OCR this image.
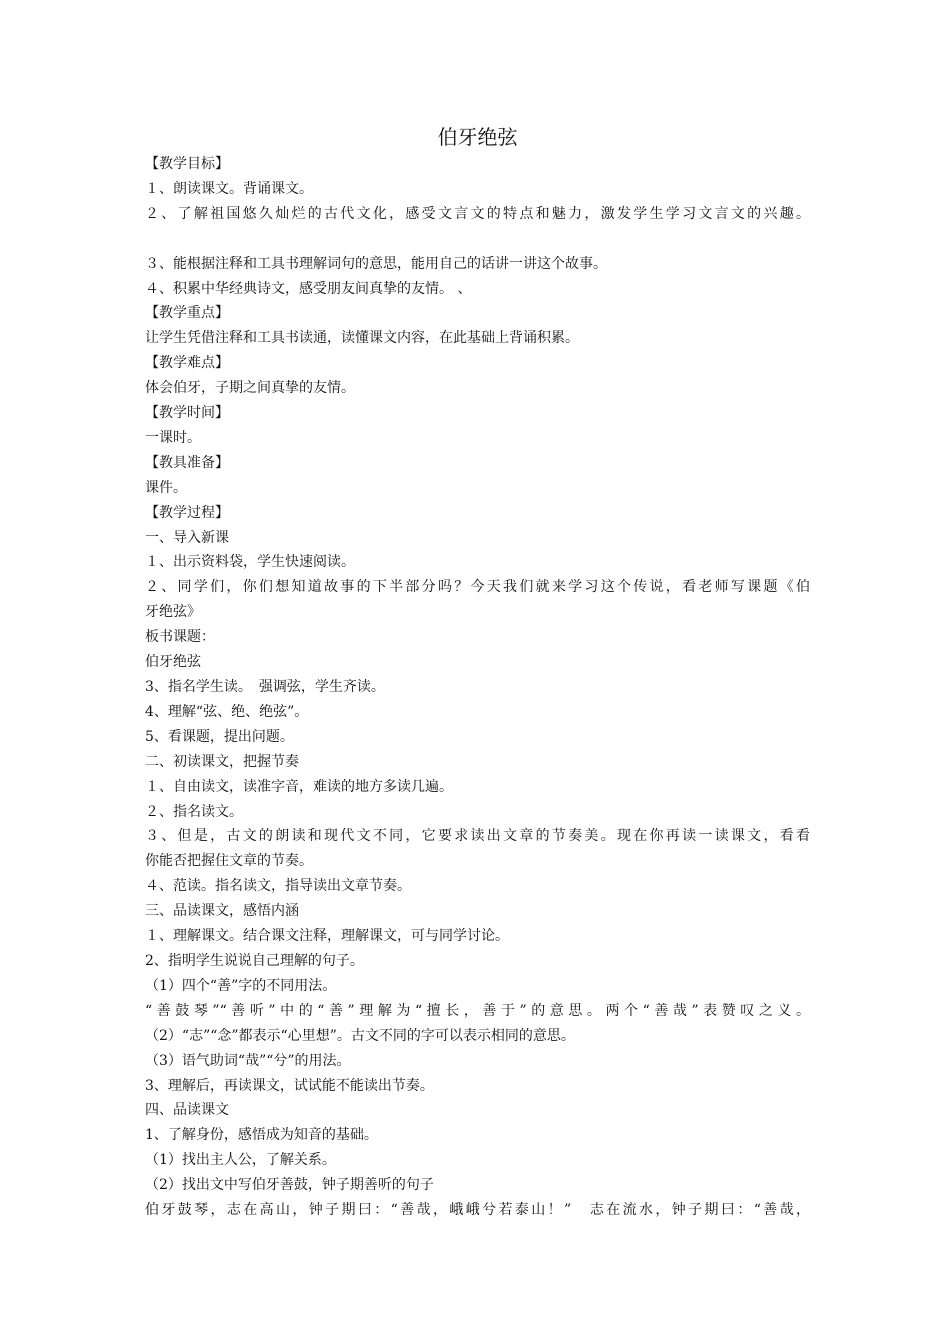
伯牙绝弦
【教学目标】
１、朗读课文。背诵课文。
２、了解祖国悠久灿烂的古代文化，感受文言文的特点和魅力，激发学生学习文言文的兴趣。
３、能根据注释和工具书理解词句的意思，能用自己的话讲一讲这个故事。
４、积累中华经典诗文，感受朋友间真挚的友情。 、
【教学重点】
让学生凭借注释和工具书读通，读懂课文内容，在此基础上背诵积累。
【教学难点】
体会伯牙，子期之间真挚的友情。
【教学时间】
一课时。
【教具准备】
课件。
【教学过程】
一、导入新课
１、出示资料袋，学生快速阅读。
２、同学们，你们想知道故事的下半部分吗？今天我们就来学习这个传说，看老师写课题《伯
牙绝弦》
板书课题：
伯牙绝弦
3、指名学生读。　强调弦，学生齐读。
4、理解“弦、绝、绝弦”。
5、看课题，提出问题。
二、初读课文，把握节奏
１、自由读文，读准字音，难读的地方多读几遍。
２、指名读文。
３、但是，古文的朗读和现代文不同，它要求读出文章的节奏美。现在你再读一读课文，看看
你能否把握住文章的节奏。
４、范读。指名读文，指导读出文章节奏。
三、品读课文，感悟内涵
１、理解课文。结合课文注释，理解课文，可与同学讨论。
2、指明学生说说自己理解的句子。
（1）四个“善”字的不同用法。
“善鼓琴”“善听”中的“善”理解为“擅长，善于”的意思。两个“善哉”表赞叹之义。
（2）“志”“念”都表示“心里想”。古文不同的字可以表示相同的意思。
（3）语气助词“哉”“兮”的用法。
3、理解后，再读课文，试试能不能读出节奏。
四、品读课文
1、了解身份，感悟成为知音的基础。
（1）找出主人公，了解关系。
（2）找出文中写伯牙善鼓，钟子期善听的句子
伯牙鼓琴，志在高山，钟子期曰：“善哉，峨峨兮若泰山！”　志在流水，钟子期曰：“善哉，
